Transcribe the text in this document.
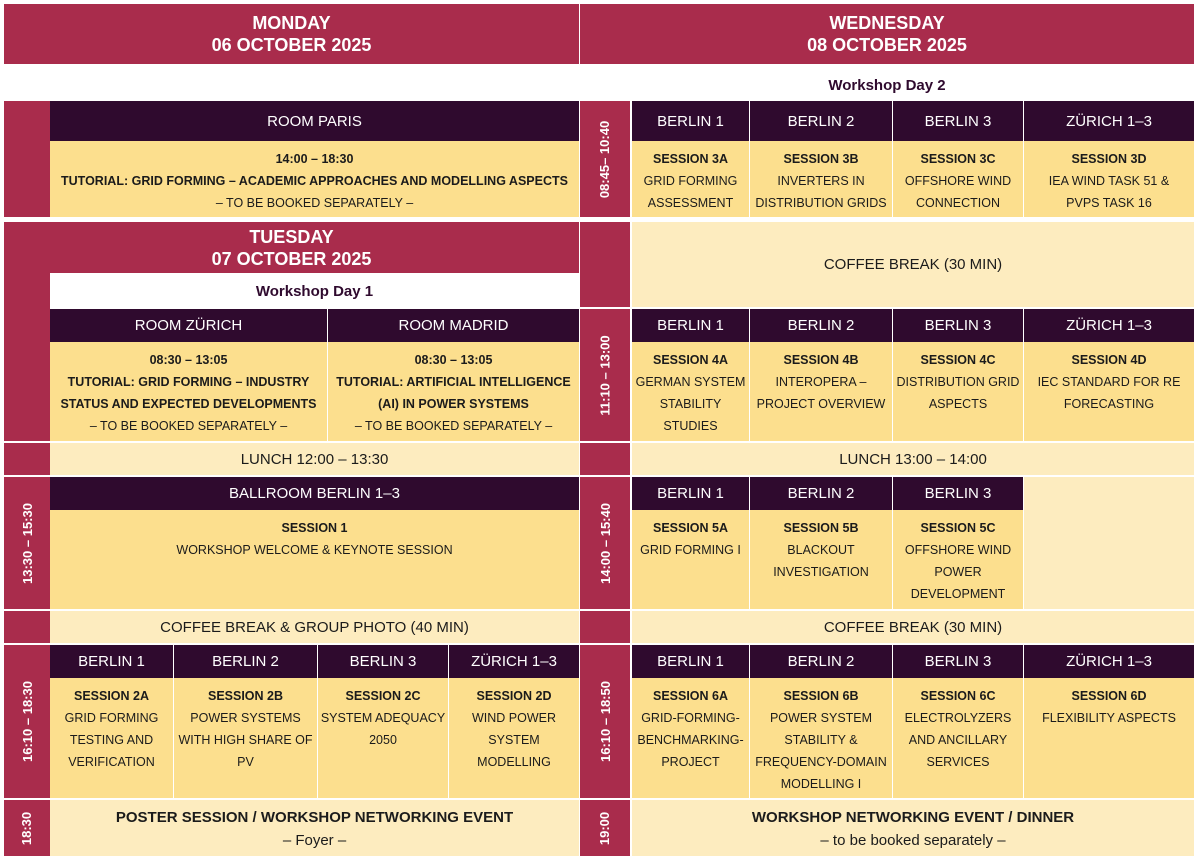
MONDAY
06 OCTOBER 2025
ROOM PARIS
14:00 – 18:30
TUTORIAL: GRID FORMING – ACADEMIC APPROACHES AND MODELLING ASPECTS
– TO BE BOOKED SEPARATELY –
TUESDAY
07 OCTOBER 2025
Workshop Day 1
ROOM ZÜRICH	ROOM MADRID
08:30 – 13:05
TUTORIAL: GRID FORMING – INDUSTRY
STATUS AND EXPECTED DEVELOPMENTS
– TO BE BOOKED SEPARATELY –
08:30 – 13:05
TUTORIAL: ARTIFICIAL INTELLIGENCE
(AI) IN POWER SYSTEMS
– TO BE BOOKED SEPARATELY –
LUNCH 12:00 – 13:30
13:30 – 15:30
BALLROOM BERLIN 1–3
SESSION 1
WORKSHOP WELCOME & KEYNOTE SESSION
COFFEE BREAK & GROUP PHOTO (40 MIN)
16:10 – 18:30
BERLIN 1	BERLIN 2	BERLIN 3	ZÜRICH 1–3
SESSION 2A
GRID FORMING
TESTING AND
VERIFICATION
SESSION 2B
POWER SYSTEMS
WITH HIGH SHARE OF
PV
SESSION 2C
SYSTEM ADEQUACY
2050
SESSION 2D
WIND POWER
SYSTEM
MODELLING
18:30	POSTER SESSION / WORKSHOP NETWORKING EVENT
– Foyer –
WEDNESDAY
08 OCTOBER 2025
Workshop Day 2
08:45– 10:40	BERLIN 1	BERLIN 2	BERLIN 3	ZÜRICH 1–3
SESSION 3A
GRID FORMING
ASSESSMENT
SESSION 3B
INVERTERS IN
DISTRIBUTION GRIDS
SESSION 3C
OFFSHORE WIND
CONNECTION
SESSION 3D
IEA WIND TASK 51 &
PVPS TASK 16
COFFEE BREAK (30 MIN)
11:10 – 13:00
BERLIN 1	BERLIN 2	BERLIN 3	ZÜRICH 1–3
SESSION 4A
GERMAN SYSTEM
STABILITY
STUDIES
SESSION 4B
INTEROPERA –
PROJECT OVERVIEW
SESSION 4C
DISTRIBUTION GRID
ASPECTS
SESSION 4D
IEC STANDARD FOR RE
FORECASTING
LUNCH 13:00 – 14:00
14:00 – 15:40
BERLIN 1	BERLIN 2	BERLIN 3
SESSION 5A
GRID FORMING I
SESSION 5B
BLACKOUT
INVESTIGATION
SESSION 5C
OFFSHORE WIND
POWER
DEVELOPMENT
COFFEE BREAK (30 MIN)
16:10 – 18:50
BERLIN 1	BERLIN 2	BERLIN 3	ZÜRICH 1–3
SESSION 6A
GRID-FORMING-
BENCHMARKING-
PROJECT
SESSION 6B
POWER SYSTEM
STABILITY &
FREQUENCY-DOMAIN
MODELLING I
SESSION 6C
ELECTROLYZERS
AND ANCILLARY
SERVICES
SESSION 6D
FLEXIBILITY ASPECTS
19:00	WORKSHOP NETWORKING EVENT / DINNER
– to be booked separately –
